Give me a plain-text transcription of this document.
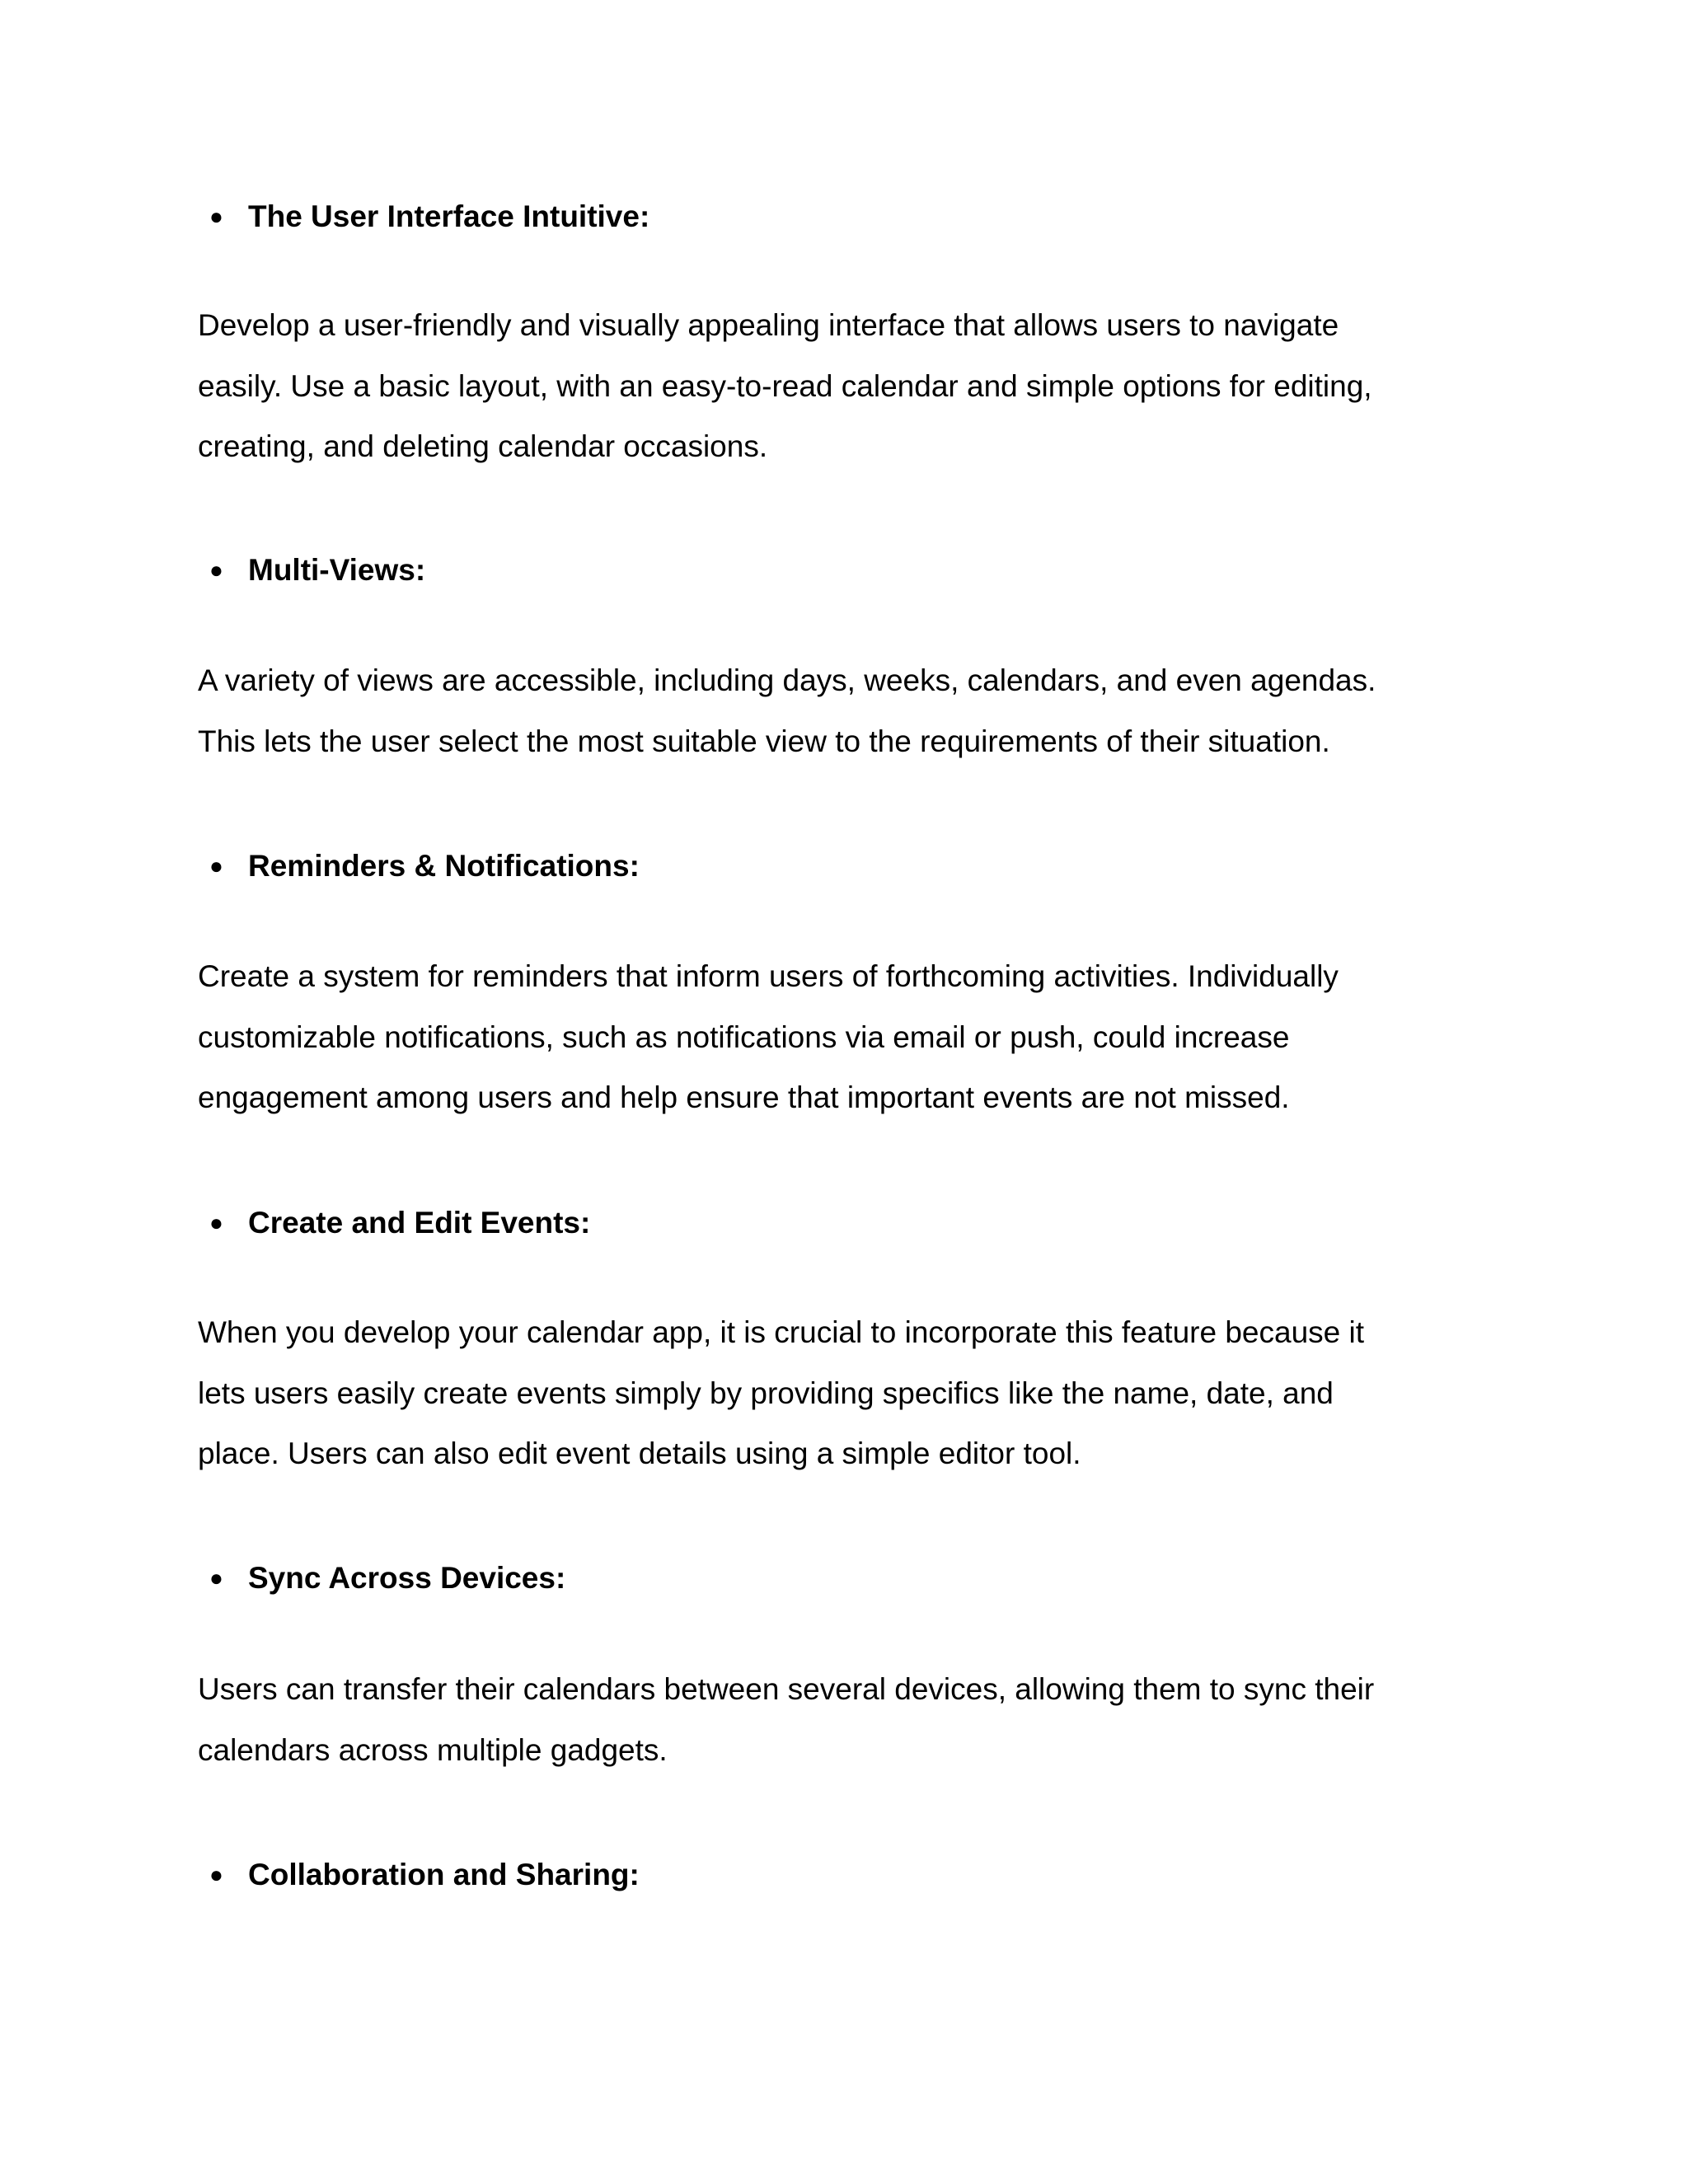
● The User Interface Intuitive:
Develop a user-friendly and visually appealing interface that allows users to navigate
easily. Use a basic layout, with an easy-to-read calendar and simple options for editing,
creating, and deleting calendar occasions.
● Multi-Views:
A variety of views are accessible, including days, weeks, calendars, and even agendas.
This lets the user select the most suitable view to the requirements of their situation.
● Reminders & Notifications:
Create a system for reminders that inform users of forthcoming activities. Individually
customizable notifications, such as notifications via email or push, could increase
engagement among users and help ensure that important events are not missed.
● Create and Edit Events:
When you develop your calendar app, it is crucial to incorporate this feature because it
lets users easily create events simply by providing specifics like the name, date, and
place. Users can also edit event details using a simple editor tool.
● Sync Across Devices:
Users can transfer their calendars between several devices, allowing them to sync their
calendars across multiple gadgets.
● Collaboration and Sharing:
